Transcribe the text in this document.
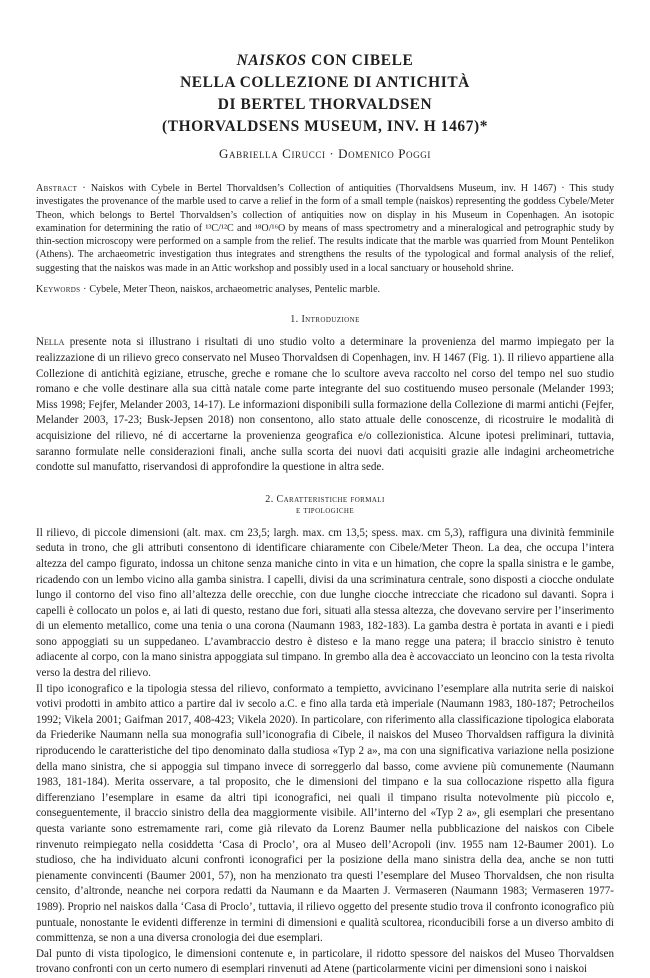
NAISKOS CON CIBELE
NELLA COLLEZIONE DI ANTICHITÀ
DI BERTEL THORVALDSEN
(THORVALDSENS MUSEUM, INV. H 1467)*
Gabriella Cirucci · Domenico Poggi

Abstract · Naiskos with Cybele in Bertel Thorvaldsen’s Collection of antiquities (Thorvaldsens Museum, inv. H 1467) · This study investigates the provenance of the marble used to carve a relief in the form of a small temple (naiskos) representing the goddess Cybele/Meter Theon, which belongs to Bertel Thorvaldsen’s collection of antiquities now on display in his Museum in Copenhagen. An isotopic examination for determining the ratio of ¹³C/¹²C and ¹⁸O/¹⁶O by means of mass spectrometry and a mineralogical and petrographic study by thin-section microscopy were performed on a sample from the relief. The results indicate that the marble was quarried from Mount Pentelikon (Athens). The archaeometric investigation thus integrates and strengthens the results of the typological and formal analysis of the relief, suggesting that the naiskos was made in an Attic workshop and possibly used in a local sanctuary or household shrine.

Keywords · Cybele, Meter Theon, naiskos, archaeometric analyses, Pentelic marble.

1. Introduzione

Nella presente nota si illustrano i risultati di uno studio volto a determinare la provenienza del marmo impiegato per la realizzazione di un rilievo greco conservato nel Museo Thorvaldsen di Copenhagen, inv. H 1467 (Fig. 1). Il rilievo appartiene alla Collezione di antichità egiziane, etrusche, greche e romane che lo scultore aveva raccolto nel corso del tempo nel suo studio romano e che volle destinare alla sua città natale come parte integrante del suo costituendo museo personale (Melander 1993; Miss 1998; Fejfer, Melander 2003, 14-17). Le informazioni disponibili sulla formazione della Collezione di marmi antichi (Fejfer, Melander 2003, 17-23; Busk-Jepsen 2018) non consentono, allo stato attuale delle conoscenze, di ricostruire le modalità di acquisizione del rilievo, né di accertarne la provenienza geografica e/o collezionistica. Alcune ipotesi preliminari, tuttavia, saranno formulate nelle considerazioni finali, anche sulla scorta dei nuovi dati acquisiti grazie alle indagini archeometriche condotte sul manufatto, riservandosi di approfondire la questione in altra sede.

2. Caratteristiche formali
e tipologiche

Il rilievo, di piccole dimensioni (alt. max. cm 23,5; largh. max. cm 13,5; spess. max. cm 5,3), raffigura una divinità femminile seduta in trono, che gli attributi consentono di identificare chiaramente con Cibele/Meter Theon. La dea, che occupa l’intera altezza del campo figurato, indossa un chitone senza maniche cinto in vita e un himation, che copre la spalla sinistra e le gambe, ricadendo con un lembo vicino alla gamba sinistra. I capelli, divisi da una scriminatura centrale, sono disposti a ciocche ondulate lungo il contorno del viso fino all’altezza delle orecchie, con due lunghe ciocche intrecciate che ricadono sul davanti. Sopra i capelli è collocato un polos e, ai lati di questo, restano due fori, situati alla stessa altezza, che dovevano servire per l’inserimento di un elemento metallico, come una tenia o una corona (Naumann 1983, 182-183). La gamba destra è portata in avanti e i piedi sono appoggiati su un suppedaneo. L’avambraccio destro è disteso e la mano regge una patera; il braccio sinistro è tenuto adiacente al corpo, con la mano sinistra appoggiata sul timpano. In grembo alla dea è accovacciato un leoncino con la testa rivolta verso la destra del rilievo.

Il tipo iconografico e la tipologia stessa del rilievo, conformato a tempietto, avvicinano l’esemplare alla nutrita serie di naiskoi votivi prodotti in ambito attico a partire dal iv secolo a.C. e fino alla tarda età imperiale (Naumann 1983, 180-187; Petrocheilos 1992; Vikela 2001; Gaifman 2017, 408-423; Vikela 2020). In particolare, con riferimento alla classificazione tipologica elaborata da Friederike Naumann nella sua monografia sull’iconografia di Cibele, il naiskos del Museo Thorvaldsen raffigura la divinità riproducendo le caratteristiche del tipo denominato dalla studiosa «Typ 2 a», ma con una significativa variazione nella posizione della mano sinistra, che si appoggia sul timpano invece di sorreggerlo dal basso, come avviene più comunemente (Naumann 1983, 181-184). Merita osservare, a tal proposito, che le dimensioni del timpano e la sua collocazione rispetto alla figura differenziano l’esemplare in esame da altri tipi iconografici, nei quali il timpano risulta notevolmente più piccolo e, conseguentemente, il braccio sinistro della dea maggiormente visibile. All’interno del «Typ 2 a», gli esemplari che presentano questa variante sono estremamente rari, come già rilevato da Lorenz Baumer nella pubblicazione del naiskos con Cibele rinvenuto reimpiegato nella cosiddetta ‘Casa di Proclo’, ora al Museo dell’Acropoli (inv. 1955 nam 12-Baumer 2001). Lo studioso, che ha individuato alcuni confronti iconografici per la posizione della mano sinistra della dea, anche se non tutti pienamente convincenti (Baumer 2001, 57), non ha menzionato tra questi l’esemplare del Museo Thorvaldsen, che non risulta censito, d’altronde, neanche nei corpora redatti da Naumann e da Maarten J. Vermaseren (Naumann 1983; Vermaseren 1977-1989). Proprio nel naiskos dalla ‘Casa di Proclo’, tuttavia, il rilievo oggetto del presente studio trova il confronto iconografico più puntuale, nonostante le evidenti differenze in termini di dimensioni e qualità scultorea, riconducibili forse a un diverso ambito di committenza, se non a una diversa cronologia dei due esemplari.

Dal punto di vista tipologico, le dimensioni contenute e, in particolare, il ridotto spessore del naiskos del Museo Thorvaldsen trovano confronti con un certo numero di esemplari rinvenuti ad Atene (particolarmente vicini per dimensioni sono i naiskoi
